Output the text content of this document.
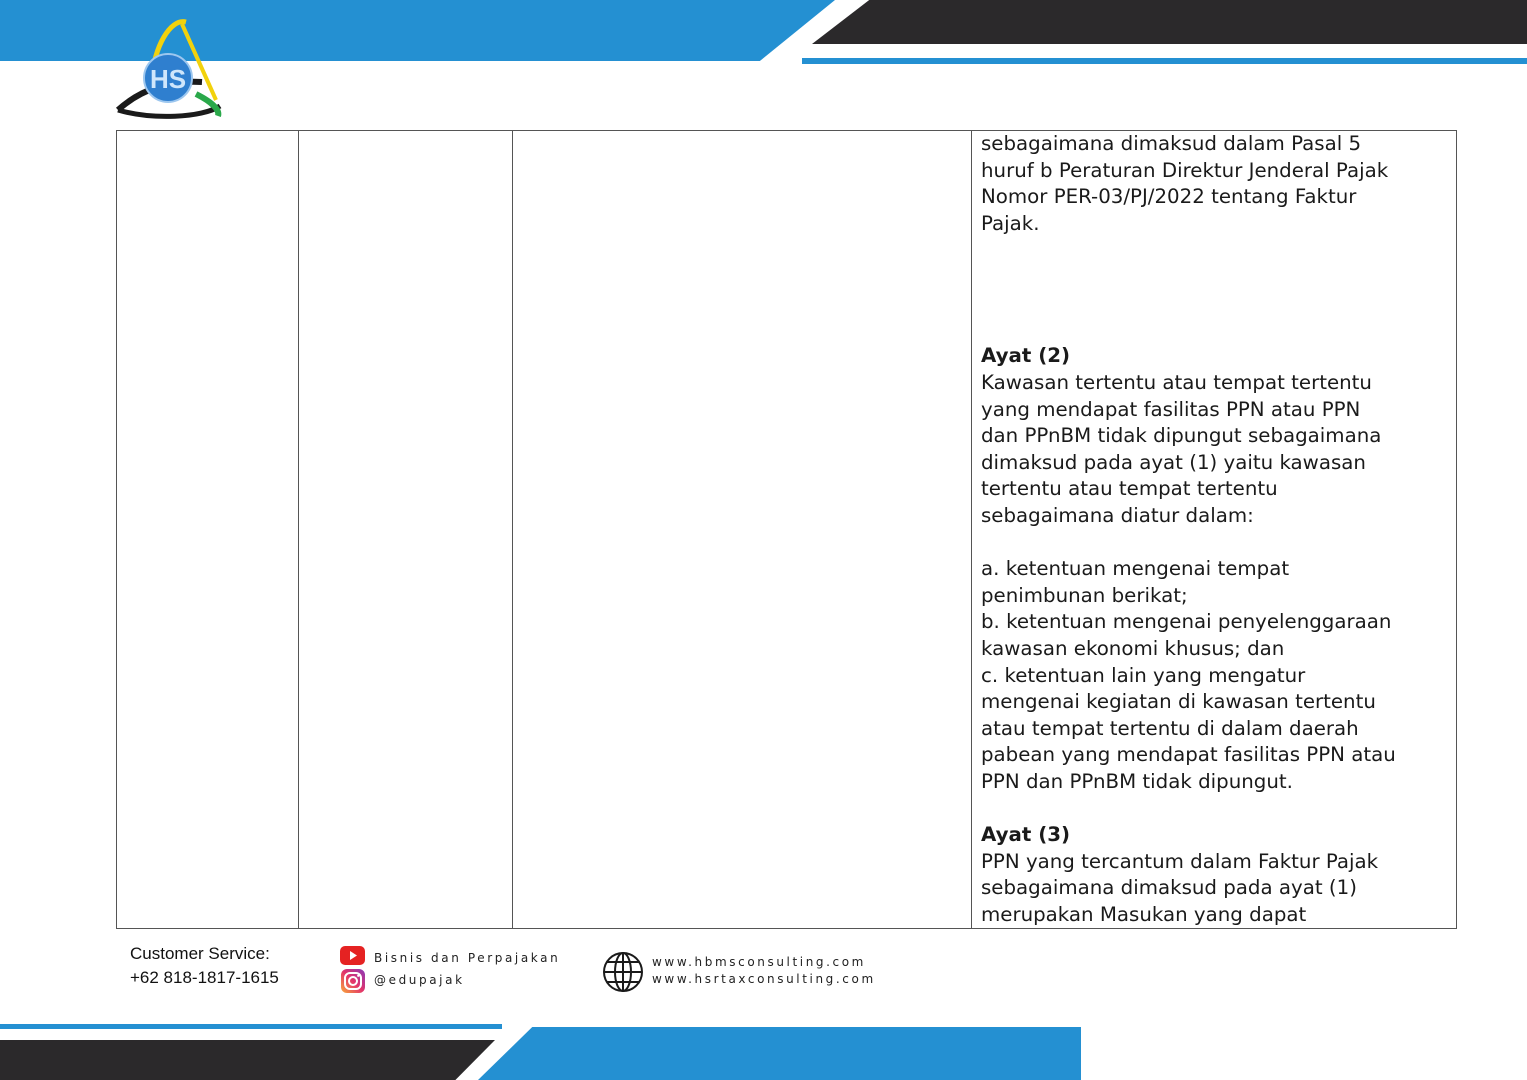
HS

sebagaimana dimaksud dalam Pasal 5

huruf b Peraturan Direktur Jenderal Pajak

Nomor PER-03/PJ/2022 tentang Faktur

Pajak.

Ayat (2)

Kawasan tertentu atau tempat tertentu

yang mendapat fasilitas PPN atau PPN

dan PPnBM tidak dipungut sebagaimana

dimaksud pada ayat (1) yaitu kawasan

tertentu atau tempat tertentu

sebagaimana diatur dalam:

a. ketentuan mengenai tempat

penimbunan berikat;

b. ketentuan mengenai penyelenggaraan

kawasan ekonomi khusus; dan

c. ketentuan lain yang mengatur

mengenai kegiatan di kawasan tertentu

atau tempat tertentu di dalam daerah

pabean yang mendapat fasilitas PPN atau

PPN dan PPnBM tidak dipungut.

Ayat (3)

PPN yang tercantum dalam Faktur Pajak

sebagaimana dimaksud pada ayat (1)

merupakan Masukan yang dapat

Customer Service:
+62 818-1817-1615
Bisnis dan Perpajakan
@edupajak
www.hbmsconsulting.com
www.hsrtaxconsulting.com
